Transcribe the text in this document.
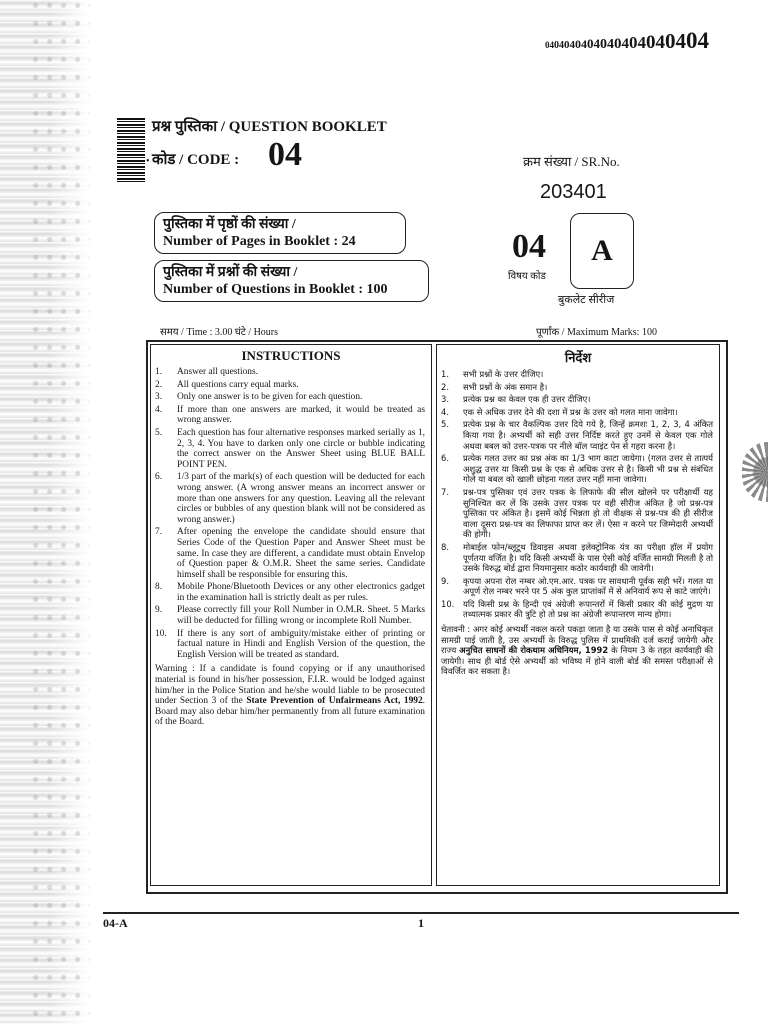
0404040404040404040404
•
प्रश्न पुस्तिका / QUESTION BOOKLET
कोड / CODE : 04	क्रम संख्या / SR.No.
203401
पुस्तिका में पृष्ठों की संख्या /
Number of Pages in Booklet : 24
पुस्तिका में प्रश्नों की संख्या /
Number of Questions in Booklet : 100
04
विषय कोड
A
बुकलेट सीरीज
समय / Time : 3.00 घंटे / Hours	पूर्णांक / Maximum Marks: 100
INSTRUCTIONS
1.	Answer all questions.
2.	All questions carry equal marks.
3.	Only one answer is to be given for each question.
4.	If more than one answers are marked, it would be treated as wrong answer.
5.	Each question has four alternative responses marked serially as 1, 2, 3, 4. You have to darken only one circle or bubble indicating the correct answer on the Answer Sheet using BLUE BALL POINT PEN.
6.	1/3 part of the mark(s) of each question will be deducted for each wrong answer. (A wrong answer means an incorrect answer or more than one answers for any question. Leaving all the relevant circles or bubbles of any question blank will not be considered as wrong answer.)
7.	After opening the envelope the candidate should ensure that Series Code of the Question Paper and Answer Sheet must be same. In case they are different, a candidate must obtain Envelop of Question paper & O.M.R. Sheet the same series. Candidate himself shall be responsible for ensuring this.
8.	Mobile Phone/Bluetooth Devices or any other electronics gadget in the examination hall is strictly dealt as per rules.
9.	Please correctly fill your Roll Number in O.M.R. Sheet. 5 Marks will be deducted for filling wrong or incomplete Roll Number.
10.	If there is any sort of ambiguity/mistake either of printing or factual nature in Hindi and English Version of the question, the English Version will be treated as standard.
Warning : If a candidate is found copying or if any unauthorised material is found in his/her possession, F.I.R. would be lodged against him/her in the Police Station and he/she would liable to be prosecuted under Section 3 of the State Prevention of Unfairmeans Act, 1992. Board may also debar him/her permanently from all future examination of the Board.
निर्देश
1.	सभी प्रश्नों के उत्तर दीजिए।
2.	सभी प्रश्नों के अंक समान है।
3.	प्रत्येक प्रश्न का केवल एक ही उत्तर दीजिए।
4.	एक से अधिक उत्तर देने की दशा में प्रश्न के उत्तर को गलत माना जावेगा।
5.	प्रत्येक प्रश्न के चार वैकल्पिक उत्तर दिये गये है, जिन्हें क्रमशः 1, 2, 3, 4 अंकित किया गया है। अभ्यर्थी को सही उत्तर निर्दिष्ट करते हुए उनमें से केवल एक गोले अथवा बबल को उत्तर-पत्रक पर नीले बॉल प्वाइंट पेन से गहरा करना है।
6.	प्रत्येक गलत उत्तर का प्रश्न अंक का 1/3 भाग काटा जायेगा। (गलत उत्तर से तात्पर्य अशुद्ध उत्तर या किसी प्रश्न के एक से अधिक उत्तर से है। किसी भी प्रश्न से संबंधित गोले या बबल को खाली छोड़ना गलत उत्तर नहीं माना जावेगा।
7.	प्रश्न-पत्र पुस्तिका एवं उत्तर पत्रक के लिफाफे की सील खोलने पर परीक्षार्थी यह सुनिश्चित कर लें कि उसके उत्तर पत्रक पर वही सीरीज अंकित है जो प्रश्न-पत्र पुस्तिका पर अंकित है। इसमें कोई भिन्नता हो तो वीक्षक से प्रश्न-पत्र की ही सीरीज वाला दूसरा प्रश्न-पत्र का लिफाफा प्राप्त कर लें। ऐसा न करने पर जिम्मेदारी अभ्यर्थी की होगी।
8.	मोबाईल फोन/ब्लूटूथ डिवाइस अथवा इलेक्ट्रोनिक यंत्र का परीक्षा हॉल में प्रयोग पूर्णतया वर्जित है। यदि किसी अभ्यर्थी के पास ऐसी कोई वर्जित सामग्री मिलती है तो उसके विरुद्ध बोर्ड द्वारा नियमानुसार कठोर कार्यवाही की जावेगी।
9.	कृपया अपना रोल नम्बर ओ.एम.आर. पत्रक पर सावधानी पूर्वक सही भरें। गलत या अपूर्ण रोल नम्बर भरने पर 5 अंक कुल प्राप्तांकों में से अनिवार्य रूप से काटे जाएंगे।
10.	यदि किसी प्रश्न के हिन्दी एवं अंग्रेजी रूपान्तरों में किसी प्रकार की कोई मुद्रण या तथ्यात्मक प्रकार की त्रुटि हो तो प्रश्न का अंग्रेजी रूपान्तरण मान्य होगा।
चेतावनी : अगर कोई अभ्यर्थी नकल करते पकड़ा जाता है या उसके पास से कोई अनाधिकृत सामग्री पाई जाती है, उस अभ्यर्थी के विरुद्ध पुलिस में प्राथमिकी दर्ज कराई जायेगी और राज्य अनुचित साधनों की रोकथाम अधिनियम, 1992 के नियम 3 के तहत कार्यवाही की जायेगी। साथ ही बोर्ड ऐसे अभ्यर्थी को भविष्य में होने वाली बोर्ड की समस्त परीक्षाओं से विवर्जित कर सकता है।
04-A	1
